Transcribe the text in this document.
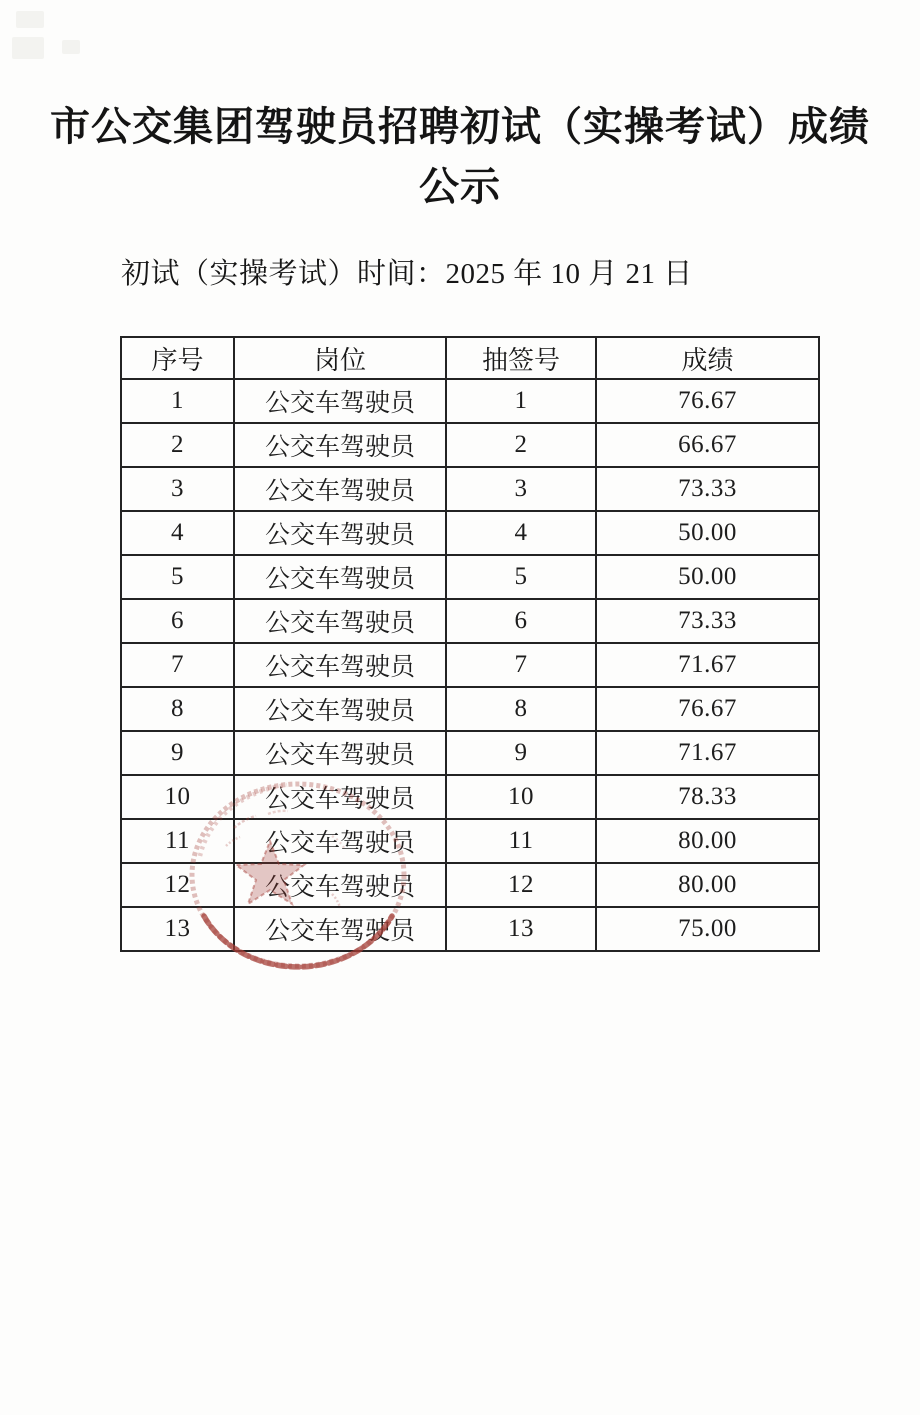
市公交集团驾驶员招聘初试（实操考试）成绩
公示
初试（实操考试）时间：2025 年 10 月 21 日
序号	岗位	抽签号	成绩
1	公交车驾驶员	1	76.67
2	公交车驾驶员	2	66.67
3	公交车驾驶员	3	73.33
4	公交车驾驶员	4	50.00
5	公交车驾驶员	5	50.00
6	公交车驾驶员	6	73.33
7	公交车驾驶员	7	71.67
8	公交车驾驶员	8	76.67
9	公交车驾驶员	9	71.67
10	公交车驾驶员	10	78.33
11	公交车驾驶员	11	80.00
12	公交车驾驶员	12	80.00
13	公交车驾驶员	13	75.00
